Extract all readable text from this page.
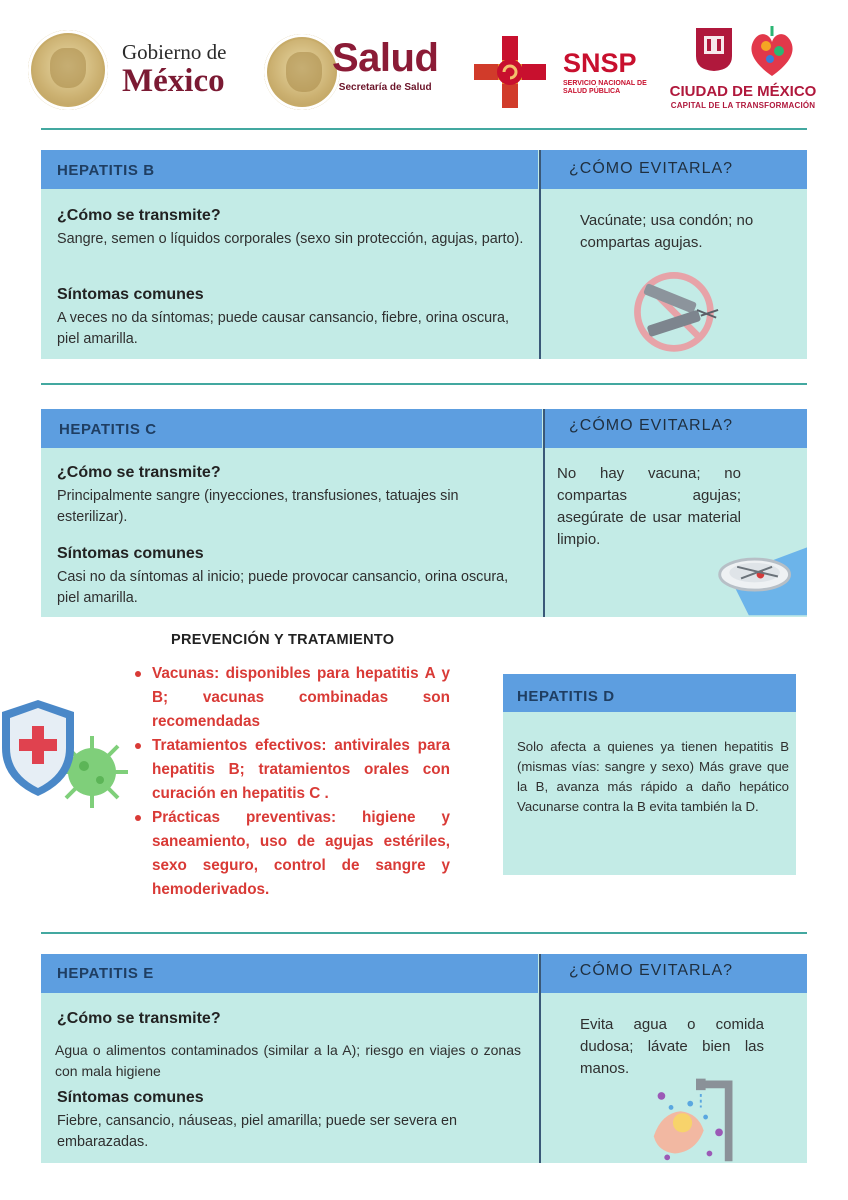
Gobierno de
México
Salud
Secretaría de Salud
SNSP
SERVICIO NACIONAL DE SALUD PÚBLICA	CIUDAD DE MÉXICO
CAPITAL DE LA TRANSFORMACIÓN
HEPATITIS B	¿CÓMO EVITARLA?
¿Cómo se transmite?
Sangre, semen o líquidos corporales (sexo sin protección, agujas, parto).
Síntomas comunes
A veces no da síntomas; puede causar cansancio, fiebre, orina oscura, piel amarilla.
Vacúnate; usa condón; no compartas agujas.
HEPATITIS C	¿CÓMO EVITARLA?
¿Cómo se transmite?
Principalmente sangre (inyecciones, transfusiones, tatuajes sin esterilizar).
Síntomas comunes
Casi no da síntomas al inicio; puede provocar cansancio, orina oscura, piel amarilla.
No hay vacuna; no compartas agujas; asegúrate de usar material limpio.
PREVENCIÓN Y TRATAMIENTO
Vacunas: disponibles para hepatitis A y B; vacunas combinadas son recomendadas
Tratamientos efectivos: antivirales para hepatitis B; tratamientos orales con curación en hepatitis C .
Prácticas preventivas: higiene y saneamiento, uso de agujas estériles, sexo seguro, control de sangre y hemoderivados.
HEPATITIS D
Solo afecta a quienes ya tienen hepatitis B (mismas vías: sangre y sexo) Más grave que la B, avanza más rápido a daño hepático Vacunarse contra la B evita también la D.
HEPATITIS E	¿CÓMO EVITARLA?
¿Cómo se transmite?
Agua o alimentos contaminados (similar a la A); riesgo en viajes o zonas con mala higiene
Síntomas comunes
Fiebre, cansancio, náuseas, piel amarilla; puede ser severa en embarazadas.
Evita agua o comida dudosa; lávate bien las manos.
